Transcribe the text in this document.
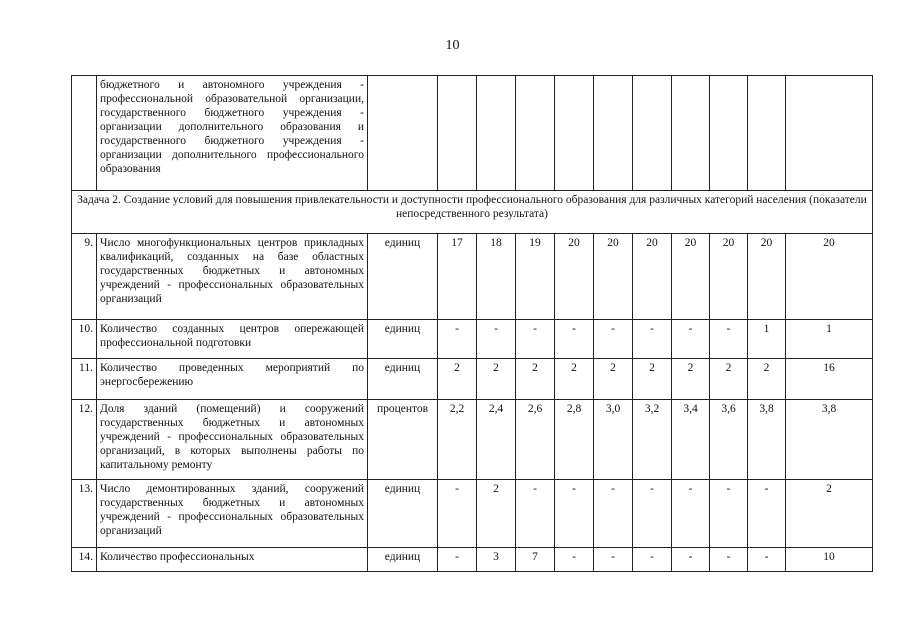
10
	бюджетного и автономного учреждения - профессиональной образовательной организации, государственного бюджетного учреждения - организации дополнительного образования и государственного бюджетного учреждения - организации дополнительного профессионального образования											
Задача 2. Создание условий для повышения привлекательности и доступности профессионального образования для различных категорий населения (показатели непосредственного результата)												
9.	Число многофункциональных центров прикладных квалификаций, созданных на базе областных государственных бюджетных и автономных учреждений - профессиональных образовательных организаций	единиц	17	18	19	20	20	20	20	20	20	20
10.	Количество созданных центров опережающей профессиональной подготовки	единиц	-	-	-	-	-	-	-	-	1	1
11.	Количество проведенных мероприятий по энергосбережению	единиц	2	2	2	2	2	2	2	2	2	16
12.	Доля зданий (помещений) и сооружений государственных бюджетных и автономных учреждений - профессиональных образовательных организаций, в которых выполнены работы по капитальному ремонту	процентов	2,2	2,4	2,6	2,8	3,0	3,2	3,4	3,6	3,8	3,8
13.	Число демонтированных зданий, сооружений государственных бюджетных и автономных учреждений - профессиональных образовательных организаций	единиц	-	2	-	-	-	-	-	-	-	2
14.	Количество профессиональных	единиц	-	3	7	-	-	-	-	-	-	10
